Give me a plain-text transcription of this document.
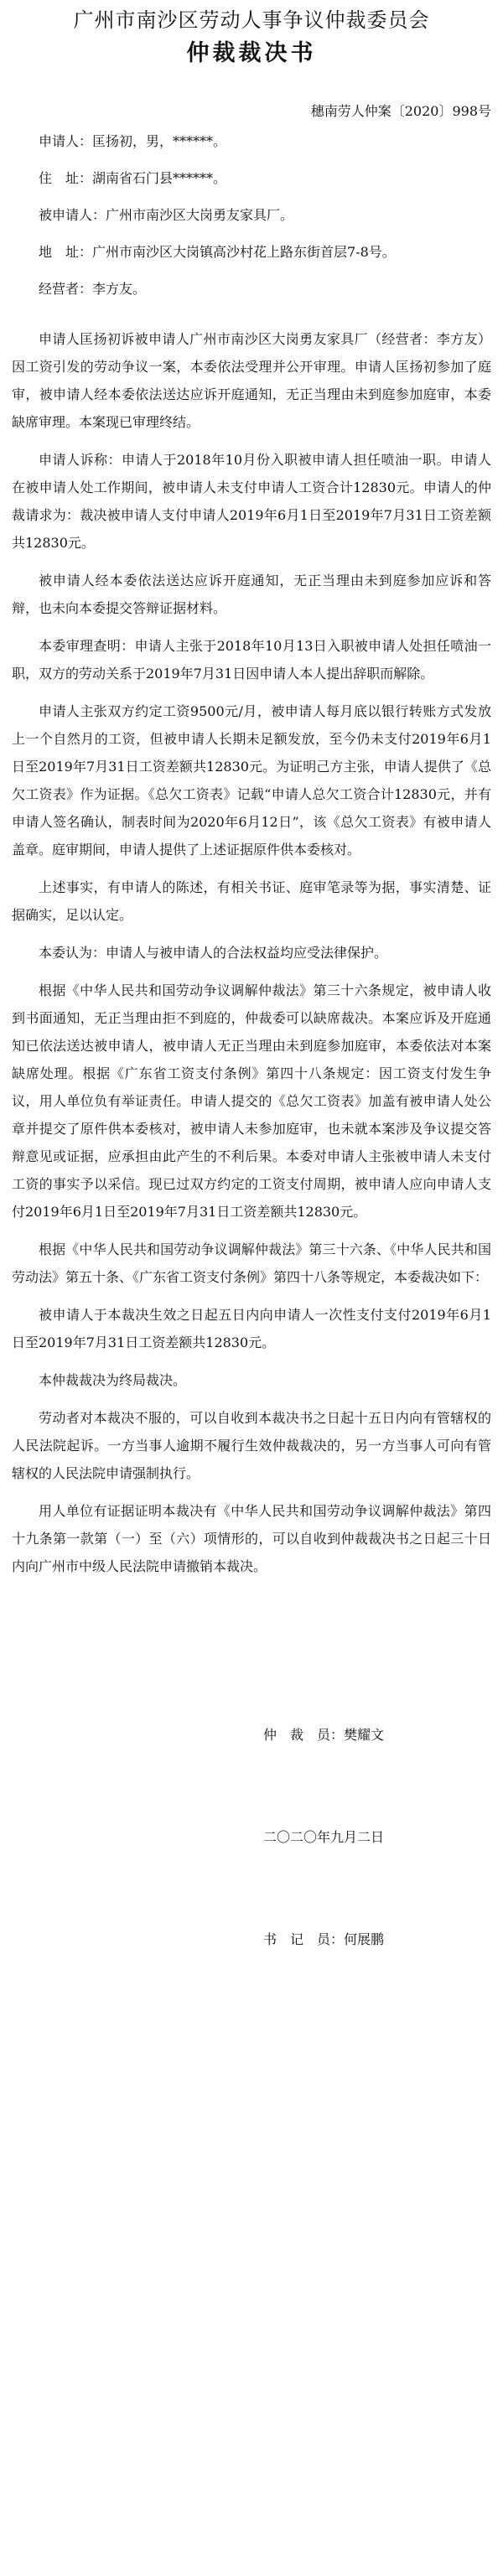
广州市南沙区劳动人事争议仲裁委员会
仲裁裁决书
穗南劳人仲案〔2020〕998号

申请人：匡扬初，男，******。

住　址：湖南省石门县******。

被申请人：广州市南沙区大岗勇友家具厂。

地　址：广州市南沙区大岗镇高沙村花上路东街首层7-8号。

经营者：李方友。

申请人匡扬初诉被申请人广州市南沙区大岗勇友家具厂（经营者：李方友）因工资引发的劳动争议一案，本委依法受理并公开审理。申请人匡扬初参加了庭审，被申请人经本委依法送达应诉开庭通知，无正当理由未到庭参加庭审，本委缺席审理。本案现已审理终结。

申请人诉称：申请人于2018年10月份入职被申请人担任喷油一职。申请人在被申请人处工作期间，被申请人未支付申请人工资合计12830元。申请人的仲裁请求为：裁决被申请人支付申请人2019年6月1日至2019年7月31日工资差额共12830元。

被申请人经本委依法送达应诉开庭通知，无正当理由未到庭参加应诉和答辩，也未向本委提交答辩证据材料。

本委审理查明：申请人主张于2018年10月13日入职被申请人处担任喷油一职，双方的劳动关系于2019年7月31日因申请人本人提出辞职而解除。

申请人主张双方约定工资9500元/月，被申请人每月底以银行转账方式发放上一个自然月的工资，但被申请人长期未足额发放，至今仍未支付2019年6月1日至2019年7月31日工资差额共12830元。为证明己方主张，申请人提供了《总欠工资表》作为证据。《总欠工资表》记载“申请人总欠工资合计12830元，并有申请人签名确认，制表时间为2020年6月12日”，该《总欠工资表》有被申请人盖章。庭审期间，申请人提供了上述证据原件供本委核对。

上述事实，有申请人的陈述，有相关书证、庭审笔录等为据，事实清楚、证据确实，足以认定。

本委认为：申请人与被申请人的合法权益均应受法律保护。

根据《中华人民共和国劳动争议调解仲裁法》第三十六条规定，被申请人收到书面通知，无正当理由拒不到庭的，仲裁委可以缺席裁决。本案应诉及开庭通知已依法送达被申请人，被申请人无正当理由未到庭参加庭审，本委依法对本案缺席处理。根据《广东省工资支付条例》第四十八条规定：因工资支付发生争议，用人单位负有举证责任。申请人提交的《总欠工资表》加盖有被申请人处公章并提交了原件供本委核对，被申请人未参加庭审，也未就本案涉及争议提交答辩意见或证据，应承担由此产生的不利后果。本委对申请人主张被申请人未支付工资的事实予以采信。现已过双方约定的工资支付周期，被申请人应向申请人支付2019年6月1日至2019年7月31日工资差额共12830元。

根据《中华人民共和国劳动争议调解仲裁法》第三十六条、《中华人民共和国劳动法》第五十条、《广东省工资支付条例》第四十八条等规定，本委裁决如下：

被申请人于本裁决生效之日起五日内向申请人一次性支付支付2019年6月1日至2019年7月31日工资差额共12830元。

本仲裁裁决为终局裁决。

劳动者对本裁决不服的，可以自收到本裁决书之日起十五日内向有管辖权的人民法院起诉。一方当事人逾期不履行生效仲裁裁决的，另一方当事人可向有管辖权的人民法院申请强制执行。

用人单位有证据证明本裁决有《中华人民共和国劳动争议调解仲裁法》第四十九条第一款第（一）至（六）项情形的，可以自收到仲裁裁决书之日起三十日内向广州市中级人民法院申请撤销本裁决。

仲　裁　员：樊耀文
二〇二〇年九月二日
书　记　员：何展鹏
